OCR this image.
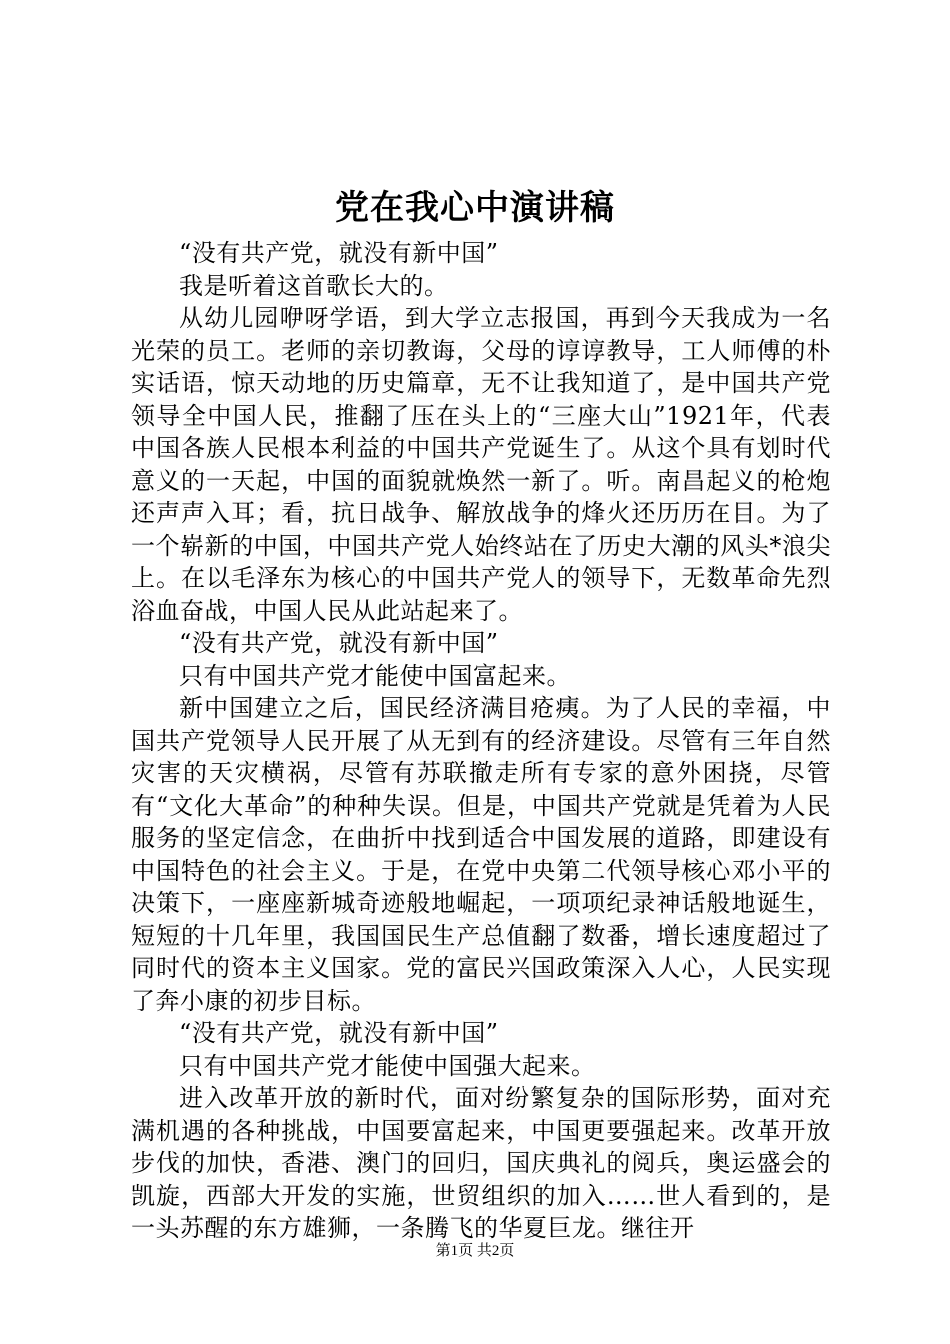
党在我心中演讲稿

“没有共产党，就没有新中国”

我是听着这首歌长大的。

从幼儿园咿呀学语，到大学立志报国，再到今天我成为一名光荣的员工。老师的亲切教诲，父母的谆谆教导，工人师傅的朴实话语，惊天动地的历史篇章，无不让我知道了，是中国共产党领导全中国人民，推翻了压在头上的“三座大山”1921年，代表中国各族人民根本利益的中国共产党诞生了。从这个具有划时代意义的一天起，中国的面貌就焕然一新了。听。南昌起义的枪炮还声声入耳；看，抗日战争、解放战争的烽火还历历在目。为了一个崭新的中国，中国共产党人始终站在了历史大潮的风头*浪尖上。在以毛泽东为核心的中国共产党人的领导下，无数革命先烈浴血奋战，中国人民从此站起来了。

“没有共产党，就没有新中国”

只有中国共产党才能使中国富起来。

新中国建立之后，国民经济满目疮痍。为了人民的幸福，中国共产党领导人民开展了从无到有的经济建设。尽管有三年自然灾害的天灾横祸，尽管有苏联撤走所有专家的意外困挠，尽管有“文化大革命”的种种失误。但是，中国共产党就是凭着为人民服务的坚定信念，在曲折中找到适合中国发展的道路，即建设有中国特色的社会主义。于是，在党中央第二代领导核心邓小平的决策下，一座座新城奇迹般地崛起，一项项纪录神话般地诞生，短短的十几年里，我国国民生产总值翻了数番，增长速度超过了同时代的资本主义国家。党的富民兴国政策深入人心，人民实现了奔小康的初步目标。

“没有共产党，就没有新中国”

只有中国共产党才能使中国强大起来。

进入改革开放的新时代，面对纷繁复杂的国际形势，面对充满机遇的各种挑战，中国要富起来，中国更要强起来。改革开放步伐的加快，香港、澳门的回归，国庆典礼的阅兵，奥运盛会的凯旋，西部大开发的实施，世贸组织的加入……世人看到的，是一头苏醒的东方雄狮，一条腾飞的华夏巨龙。继往开

第1页 共2页
